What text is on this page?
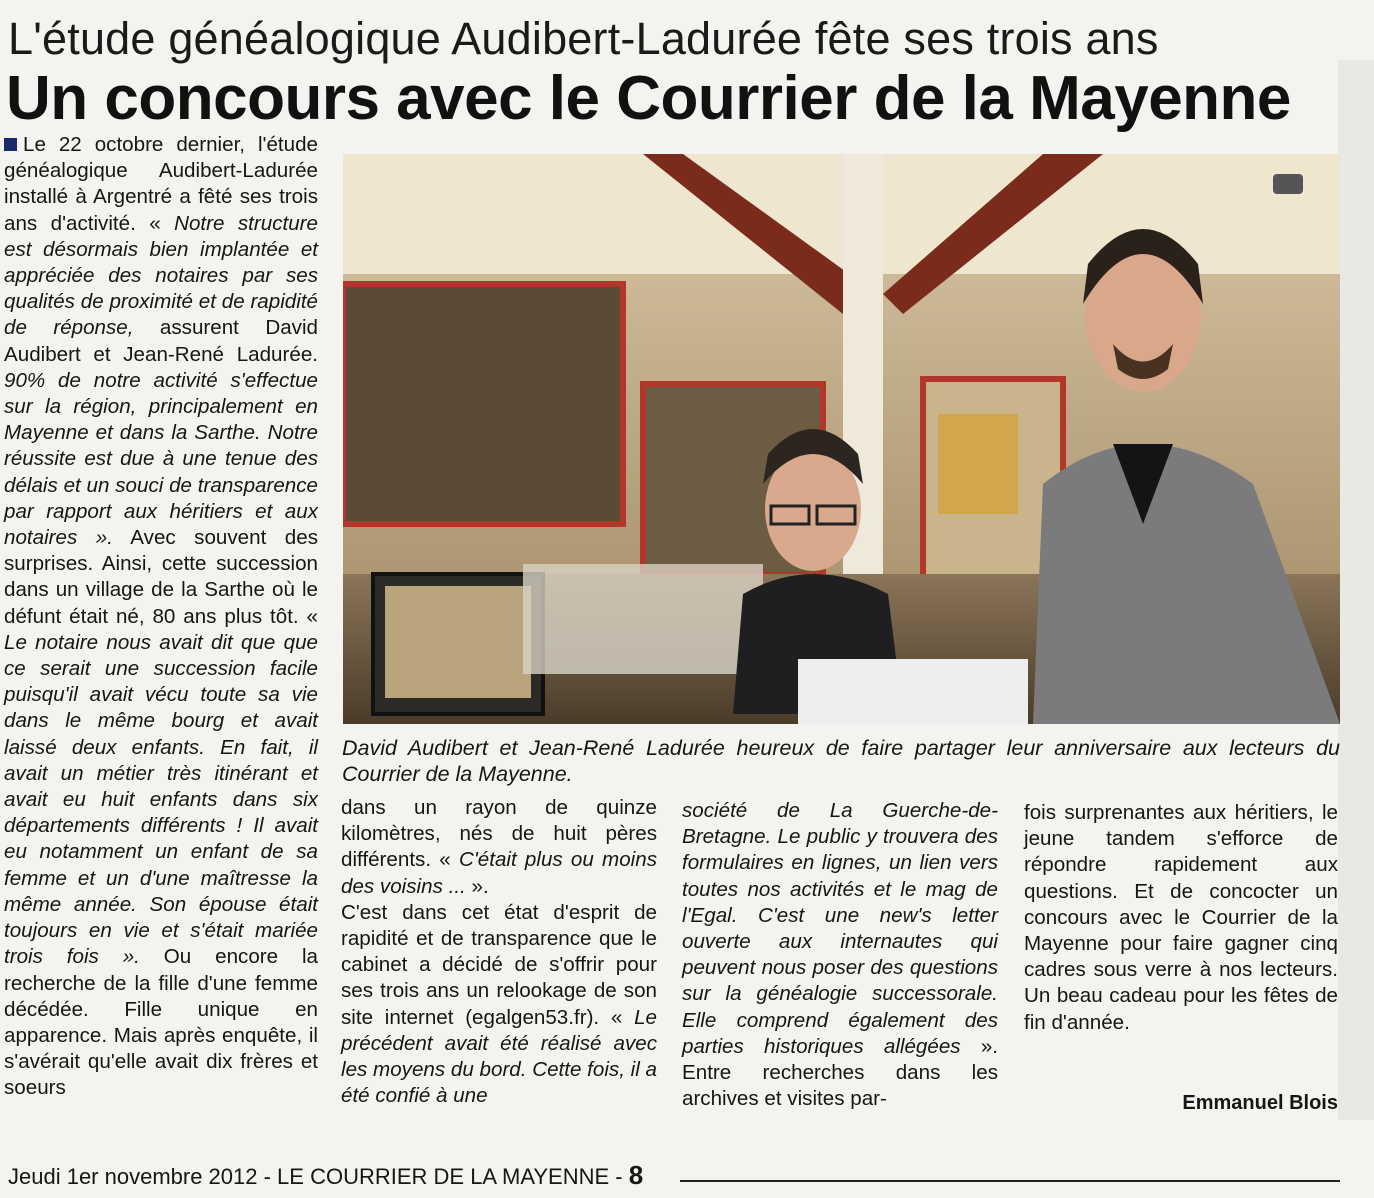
L'étude généalogique Audibert-Ladurée fête ses trois ans
Un concours avec le Courrier de la Mayenne

Le 22 octobre dernier, l'étude généalogique Audibert-Ladurée installé à Argentré a fêté ses trois ans d'activité. « Notre structure est désormais bien implantée et appréciée des notaires par ses qualités de proximité et de rapidité de réponse, assurent David Audibert et Jean-René Ladurée. 90% de notre activité s'effectue sur la région, principalement en Mayenne et dans la Sarthe. Notre réussite est due à une tenue des délais et un souci de transparence par rapport aux héritiers et aux notaires ». Avec souvent des surprises. Ainsi, cette succession dans un village de la Sarthe où le défunt était né, 80 ans plus tôt. « Le notaire nous avait dit que que ce serait une succession facile puisqu'il avait vécu toute sa vie dans le même bourg et avait laissé deux enfants. En fait, il avait un métier très itinérant et avait eu huit enfants dans six départements différents ! Il avait eu notamment un enfant de sa femme et un d'une maîtresse la même année. Son épouse était toujours en vie et s'était mariée trois fois ». Ou encore la recherche de la fille d'une femme décédée. Fille unique en apparence. Mais après enquête, il s'avérait qu'elle avait dix frères et soeurs

David Audibert et Jean-René Ladurée heureux de faire partager leur anniversaire aux lecteurs du Courrier de la Mayenne.

dans un rayon de quinze kilomètres, nés de huit pères différents. « C'était plus ou moins des voisins ... ».

C'est dans cet état d'esprit de rapidité et de transparence que le cabinet a décidé de s'offrir pour ses trois ans un relookage de son site internet (egalgen53.fr). « Le précédent avait été réalisé avec les moyens du bord. Cette fois, il a été confié à une

société de La Guerche-de-Bretagne. Le public y trouvera des formulaires en lignes, un lien vers toutes nos activités et le mag de l'Egal. C'est une new's letter ouverte aux internautes qui peuvent nous poser des questions sur la généalogie successorale. Elle comprend également des parties historiques allégées ». Entre recherches dans les archives et visites par-

fois surprenantes aux héritiers, le jeune tandem s'efforce de répondre rapidement aux questions. Et de concocter un concours avec le Courrier de la Mayenne pour faire gagner cinq cadres sous verre à nos lecteurs. Un beau cadeau pour les fêtes de fin d'année.

Emmanuel Blois
Jeudi 1er novembre 2012 - LE COURRIER DE LA MAYENNE - 8
